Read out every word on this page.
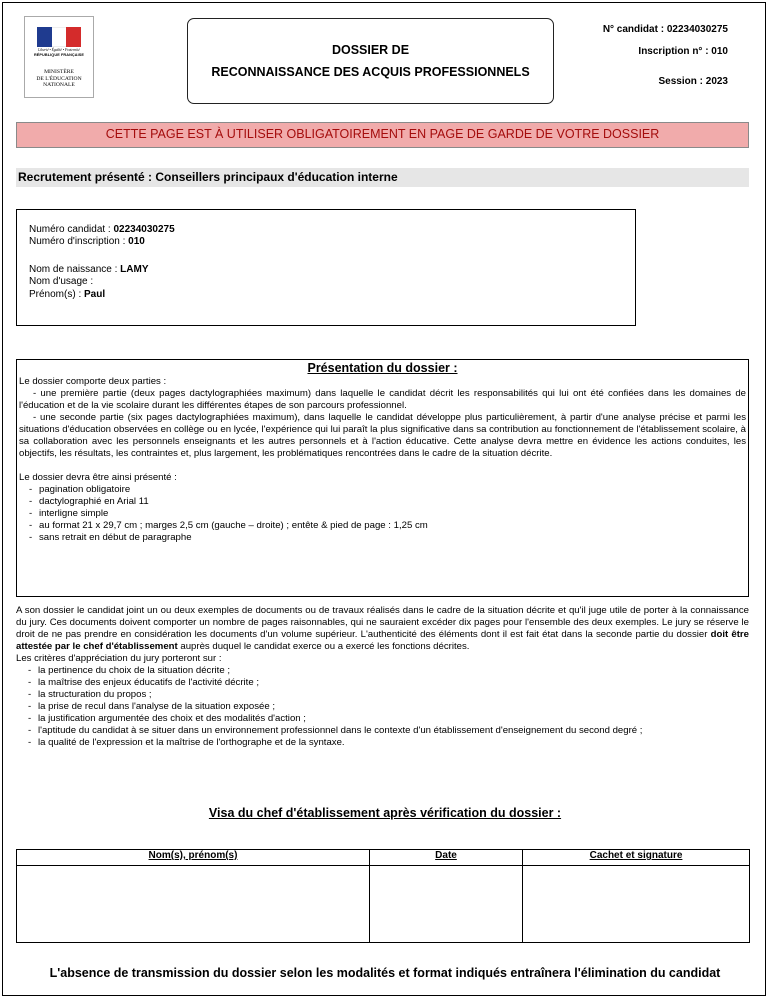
Liberté • Égalité • Fraternité
RÉPUBLIQUE FRANÇAISE
MINISTÈRE
DE L'ÉDUCATION
NATIONALE
DOSSIER DE
RECONNAISSANCE DES ACQUIS PROFESSIONNELS
N° candidat : 02234030275
Inscription n° : 010
Session : 2023
CETTE PAGE EST À UTILISER OBLIGATOIREMENT EN PAGE DE GARDE DE VOTRE DOSSIER
Recrutement présenté : Conseillers principaux d'éducation interne
Numéro candidat : 02234030275
Numéro d'inscription : 010
Nom de naissance : LAMY
Nom d'usage :
Prénom(s) : Paul
Présentation du dossier :
Le dossier comporte deux parties :
- une première partie (deux pages dactylographiées maximum) dans laquelle le candidat décrit les responsabilités qui lui ont été confiées dans les domaines de l'éducation et de la vie scolaire durant les différentes étapes de son parcours professionnel.
- une seconde partie (six pages dactylographiées maximum), dans laquelle le candidat développe plus particulièrement, à partir d'une analyse précise et parmi les situations d'éducation observées en collège ou en lycée, l'expérience qui lui paraît la plus significative dans sa contribution au fonctionnement de l'établissement scolaire, à sa collaboration avec les personnels enseignants et les autres personnels et à l'action éducative. Cette analyse devra mettre en évidence les actions conduites, les objectifs, les résultats, les contraintes et, plus largement, les problématiques rencontrées dans le cadre de la situation décrite.
Le dossier devra être ainsi présenté :
- pagination obligatoire
- dactylographié en Arial 11
- interligne simple
- au format 21 x 29,7 cm ; marges 2,5 cm (gauche – droite) ; entête & pied de page : 1,25 cm
- sans retrait en début de paragraphe
A son dossier le candidat joint un ou deux exemples de documents ou de travaux réalisés dans le cadre de la situation décrite et qu'il juge utile de porter à la connaissance du jury. Ces documents doivent comporter un nombre de pages raisonnables, qui ne sauraient excéder dix pages pour l'ensemble des deux exemples. Le jury se réserve le droit de ne pas prendre en considération les documents d'un volume supérieur. L'authenticité des éléments dont il est fait état dans la seconde partie du dossier doit être attestée par le chef d'établissement auprès duquel le candidat exerce ou a exercé les fonctions décrites.
Les critères d'appréciation du jury porteront sur :
- la pertinence du choix de la situation décrite ;
- la maîtrise des enjeux éducatifs de l'activité décrite ;
- la structuration du propos ;
- la prise de recul dans l'analyse de la situation exposée ;
- la justification argumentée des choix et des modalités d'action ;
- l'aptitude du candidat à se situer dans un environnement professionnel dans le contexte d'un établissement d'enseignement du second degré ;
- la qualité de l'expression et la maîtrise de l'orthographe et de la syntaxe.
Visa du chef d'établissement après vérification du dossier :
Nom(s), prénom(s)	Date	Cachet et signature

L'absence de transmission du dossier selon les modalités et format indiqués entraînera l'élimination du candidat
